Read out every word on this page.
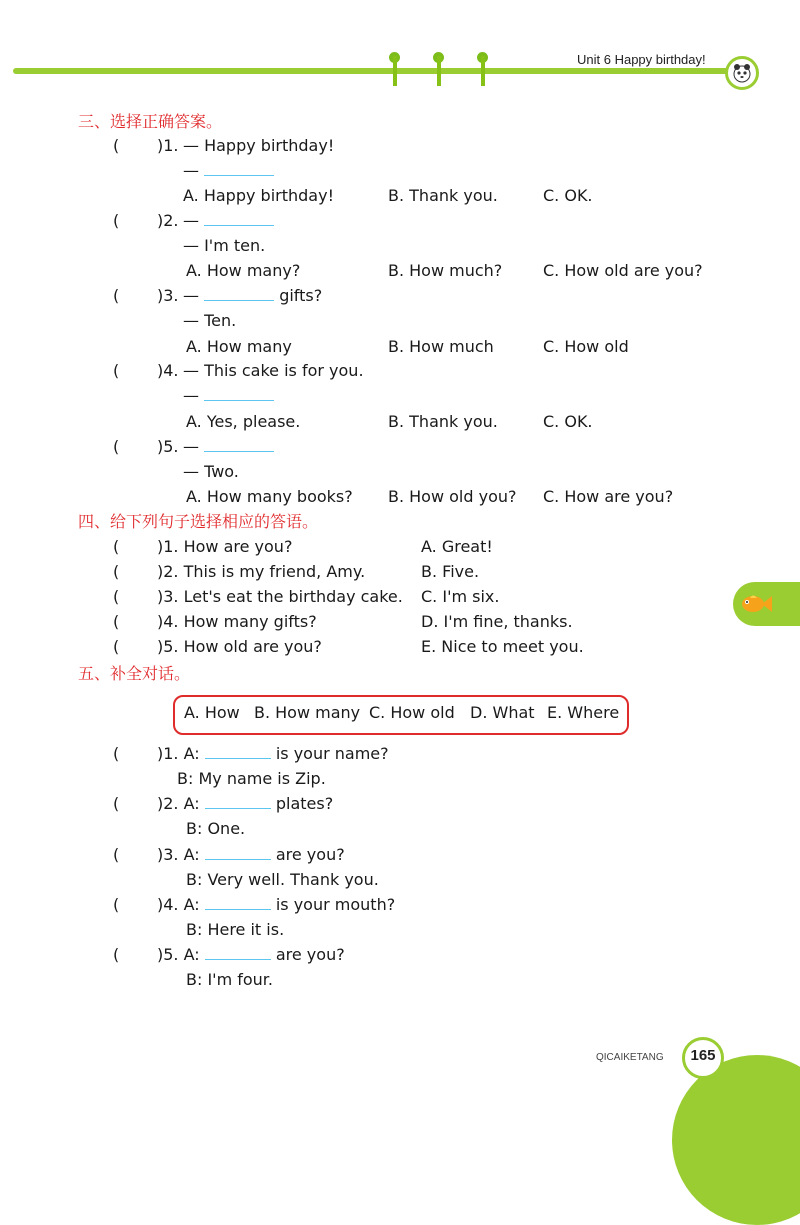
Unit 6 Happy birthday!
三、选择正确答案。
( )1. — Happy birthday!
—
A. Happy birthday!	B. Thank you.	C. OK.
( )2. —
— I'm ten.
A. How many?	B. How much?	C. How old are you?
( )3. —	gifts?
— Ten.
A. How many	B. How much	C. How old
( )4. — This cake is for you.
—
A. Yes, please.	B. Thank you.	C. OK.
( )5. —
— Two.
A. How many books? B. How old you? C. How are you?
四、给下列句子选择相应的答语。
( )1. How are you?	A. Great!
( )2. This is my friend, Amy.	B. Five.
( )3. Let's eat the birthday cake. C. I'm six.
( )4. How many gifts?	D. I'm fine, thanks.
( )5. How old are you?	E. Nice to meet you.
五、补全对话。
A. How B. How many C. How old D. What E. Where
( )1. A:	is your name?
B: My name is Zip.
( )2. A:	plates?
B: One.
( )3. A:	are you?
B: Very well. Thank you.
( )4. A:	is your mouth?
B: Here it is.
( )5. A:	are you?
B: I'm four.
QICAIKETANG 165
